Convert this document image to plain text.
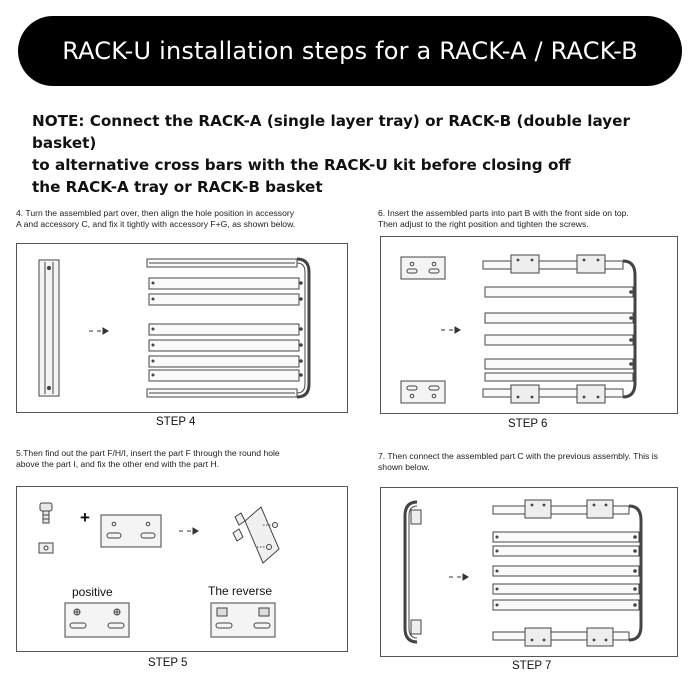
RACK-U installation steps for a RACK-A / RACK-B
NOTE: Connect the RACK-A (single layer tray) or RACK-B (double layer basket)
to alternative cross bars with the RACK-U kit before closing off
the RACK-A tray or RACK-B basket
4. Turn the assembled part over, then align the hole position in accessory
A and accessory C, and fix it tightly with accessory F+G, as shown below.
STEP 4
6. Insert the assembled parts into part B with the front side on top.
Then adjust to the right position and tighten the screws.
STEP 6
5.Then find out the part F/H/I, insert the part F through the round hole
above the part I, and fix the other end with the part H.
+
positive	The reverse
STEP 5
7. Then connect the assembled part C with the previous assembly. This is
shown below.
STEP 7
